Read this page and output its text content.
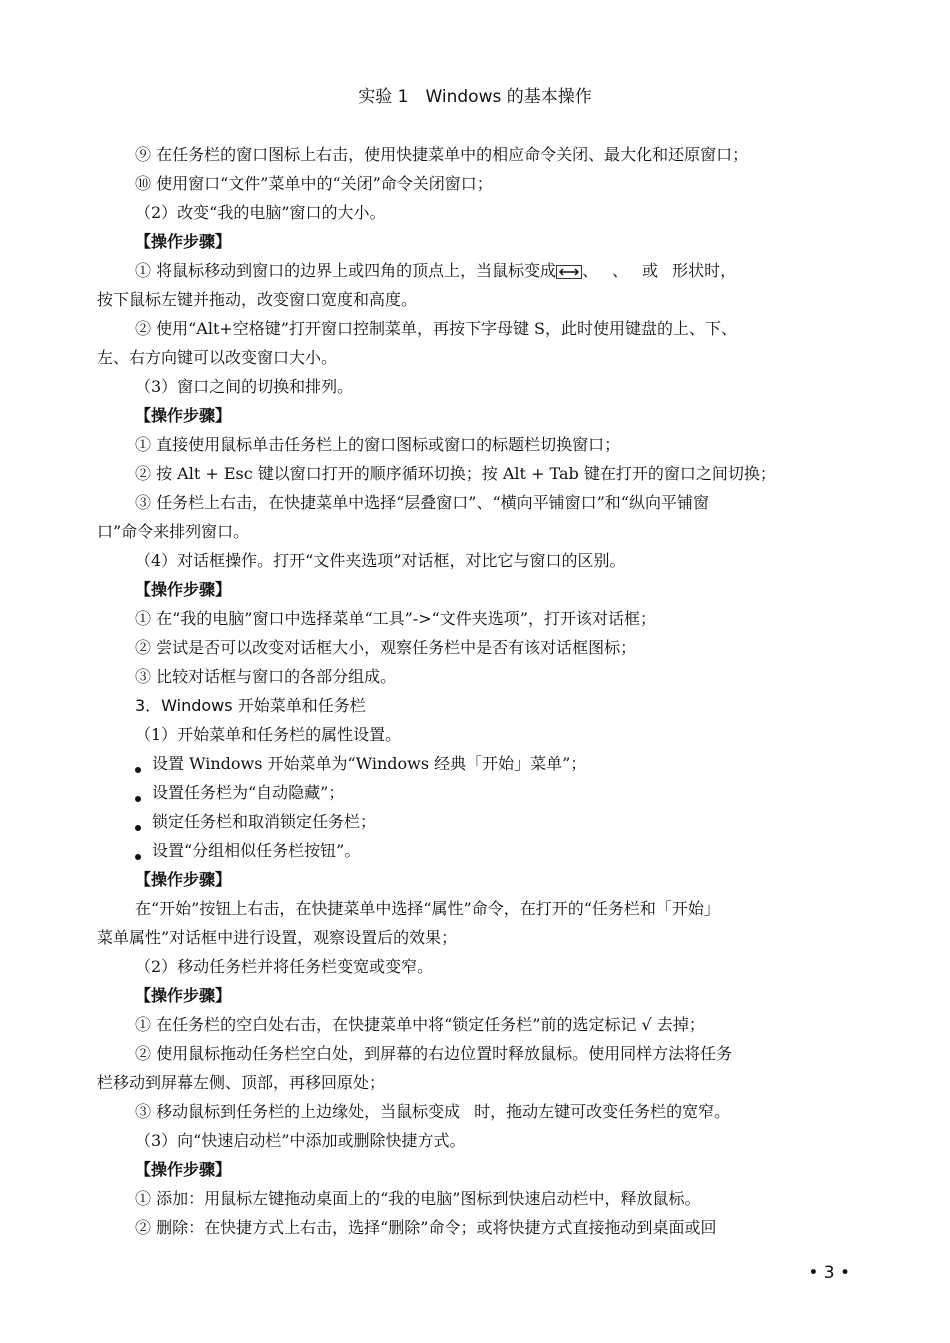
实验 1　Windows 的基本操作
⑨ 在任务栏的窗口图标上右击，使用快捷菜单中的相应命令关闭、最大化和还原窗口；
⑩ 使用窗口“文件”菜单中的“关闭”命令关闭窗口；
（2）改变“我的电脑”窗口的大小。
【操作步骤】
① 将鼠标移动到窗口的边界上或四角的顶点上，当鼠标变成 、 、 或 形状时，
按下鼠标左键并拖动，改变窗口宽度和高度。
② 使用“Alt+空格键”打开窗口控制菜单，再按下字母键 S，此时使用键盘的上、下、
左、右方向键可以改变窗口大小。
（3）窗口之间的切换和排列。
【操作步骤】
① 直接使用鼠标单击任务栏上的窗口图标或窗口的标题栏切换窗口；
② 按 Alt + Esc 键以窗口打开的顺序循环切换；按 Alt + Tab 键在打开的窗口之间切换；
③ 任务栏上右击，在快捷菜单中选择“层叠窗口”、“横向平铺窗口”和“纵向平铺窗
口”命令来排列窗口。
（4）对话框操作。打开“文件夹选项”对话框，对比它与窗口的区别。
【操作步骤】
① 在“我的电脑”窗口中选择菜单“工具”->“文件夹选项”，打开该对话框；
② 尝试是否可以改变对话框大小，观察任务栏中是否有该对话框图标；
③ 比较对话框与窗口的各部分组成。
3．Windows 开始菜单和任务栏
（1）开始菜单和任务栏的属性设置。
设置 Windows 开始菜单为“Windows 经典「开始」菜单”；
设置任务栏为“自动隐藏”；
锁定任务栏和取消锁定任务栏；
设置“分组相似任务栏按钮”。
【操作步骤】
在“开始”按钮上右击，在快捷菜单中选择“属性”命令，在打开的“任务栏和「开始」
菜单属性”对话框中进行设置，观察设置后的效果；
（2）移动任务栏并将任务栏变宽或变窄。
【操作步骤】
① 在任务栏的空白处右击，在快捷菜单中将“锁定任务栏”前的选定标记 √ 去掉；
② 使用鼠标拖动任务栏空白处，到屏幕的右边位置时释放鼠标。使用同样方法将任务
栏移动到屏幕左侧、顶部，再移回原处；
③ 移动鼠标到任务栏的上边缘处，当鼠标变成 时，拖动左键可改变任务栏的宽窄。
（3）向“快速启动栏”中添加或删除快捷方式。
【操作步骤】
① 添加：用鼠标左键拖动桌面上的“我的电脑”图标到快速启动栏中，释放鼠标。
② 删除：在快捷方式上右击，选择“删除”命令；或将快捷方式直接拖动到桌面或回
• 3 •
